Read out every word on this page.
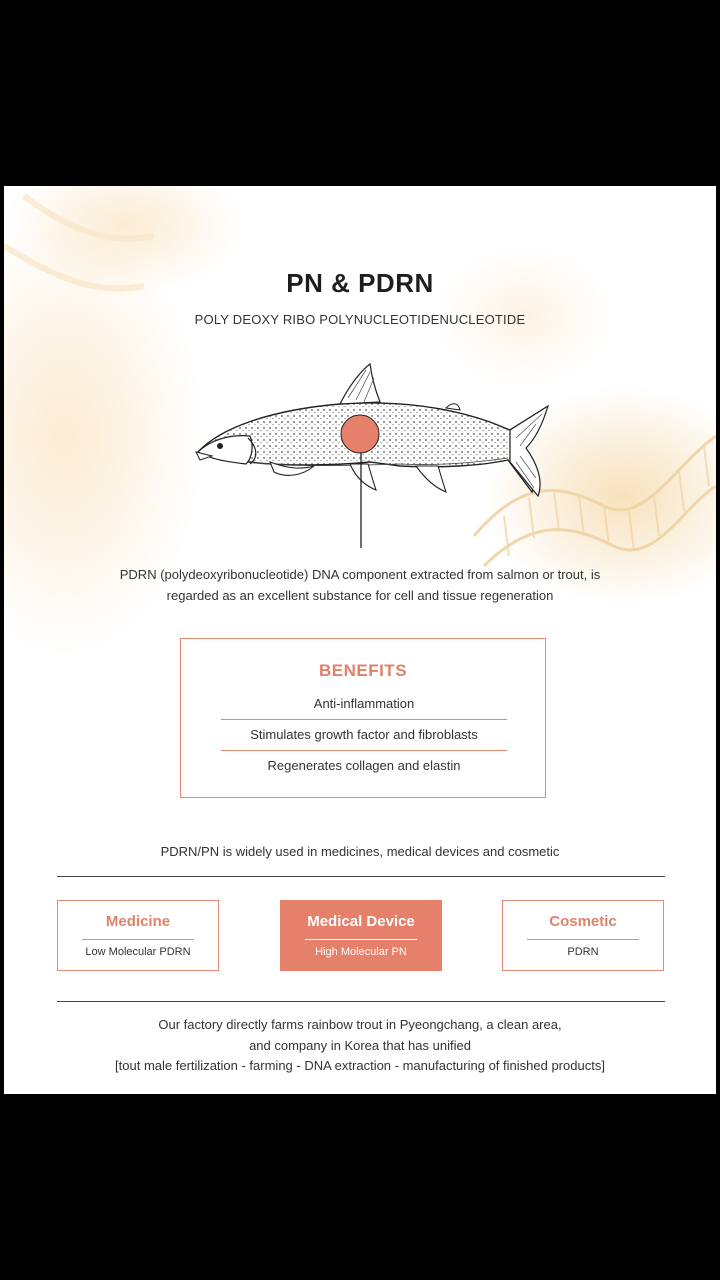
PN & PDRN
POLY DEOXY RIBO POLYNUCLEOTIDENUCLEOTIDE
PDRN (polydeoxyribonucleotide) DNA component extracted from salmon or trout, is
regarded as an excellent substance for cell and tissue regeneration
BENEFITS
Anti-inflammation
Stimulates growth factor and fibroblasts
Regenerates collagen and elastin
PDRN/PN is widely used in medicines, medical devices and cosmetic
Medicine
Low Molecular PDRN
Medical Device
High Molecular PN
Cosmetic
PDRN
Our factory directly farms rainbow trout in Pyeongchang, a clean area,
and company in Korea that has unified
[tout male fertilization - farming - DNA extraction - manufacturing of finished products]
